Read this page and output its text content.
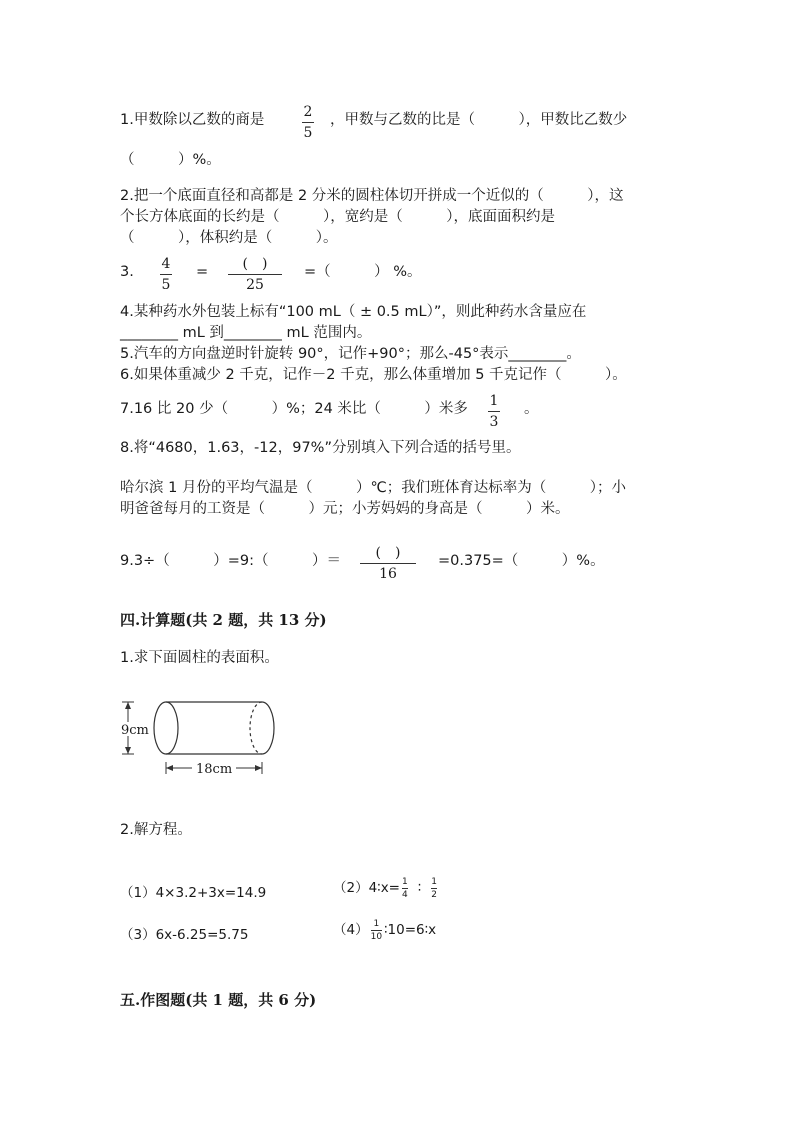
1.甲数除以乙数的商是	2
5
，甲数与乙数的比是（　　　），甲数比乙数少
（　　　）%。
2.把一个底面直径和高都是 2 分米的圆柱体切开拼成一个近似的（　　　），这
个长方体底面的长约是（　　　），宽约是（　　　），底面面积约是
（　　　），体积约是（　　　）。
3. 4
5
= (　)
25
=（　　　） %。
4.某种药水外包装上标有“100 mL（ ± 0.5 mL）”，则此种药水含量应在
________ mL 到________ mL 范围内。
5.汽车的方向盘逆时针旋转 90°，记作+90°；那么-45°表示________。
6.如果体重减少 2 千克，记作－2 千克，那么体重增加 5 千克记作（　　　）。
7.16 比 20 少（　　　）%；24 米比（　　　）米多 1
3
。
8.将“4680，1.63，-12，97%”分别填入下列合适的括号里。
哈尔滨 1 月份的平均气温是（　　　）℃；我们班体育达标率为（　　　）；小
明爸爸每月的工资是（　　　）元；小芳妈妈的身高是（　　　）米。
9.3÷（　　　）=9:（　　　）＝ (　)
16
=0.375=（　　　）%。
四.计算题(共 2 题，共 13 分)
1.求下面圆柱的表面积。
9cm
18cm
2.解方程。
（1）4×3.2+3x=14.9	（2）4∶x= $\frac{1}{4}$ ∶ $\frac{1}{2}$
（3）6x-6.25=5.75	$(4) \frac{1}{10}$ ∶10=6∶x
五.作图题(共 1 题，共 6 分)
